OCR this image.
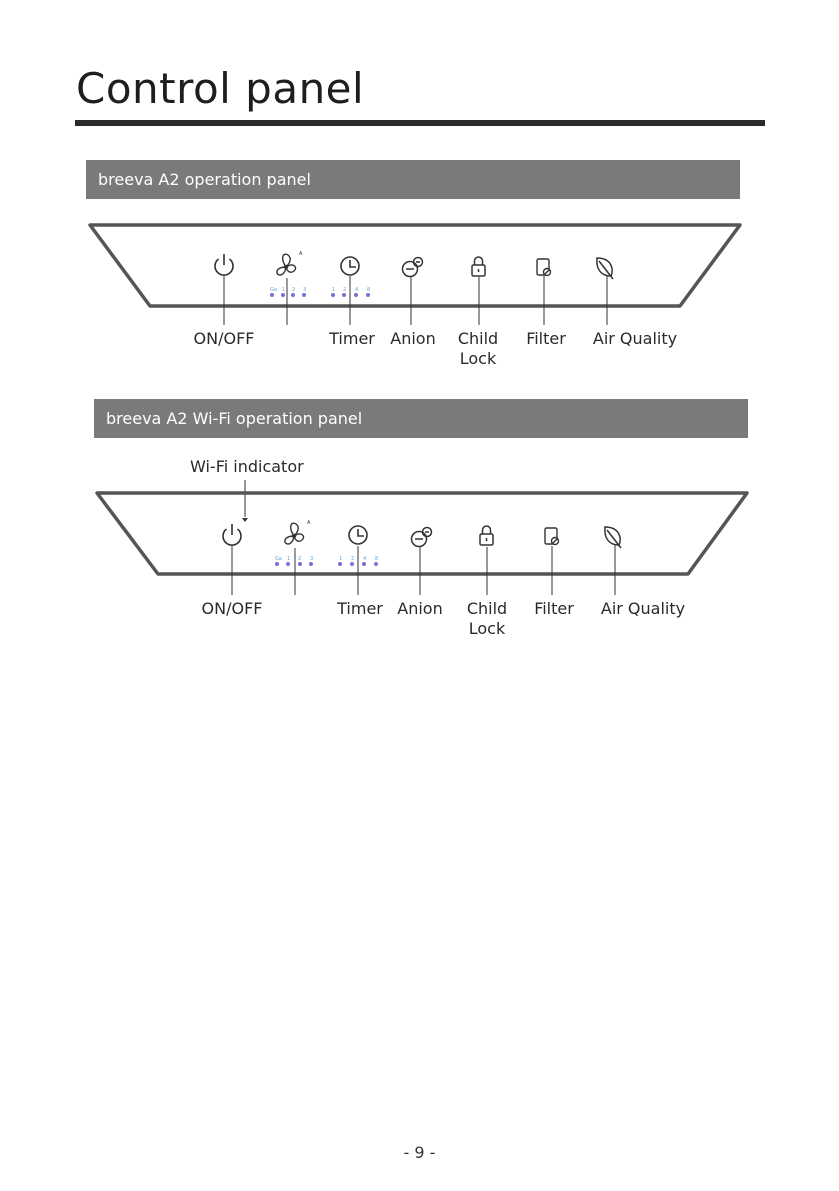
Control panel
breeva A2 operation panel
A
Ga 1 2 3	1 2 4 8
ON/OFF	Timer Anion	Child
Lock
Filter	Air Quality
breeva A2 Wi-Fi operation panel
Wi-Fi indicator
A
Ga 1 2 3	1 2 4 8
ON/OFF	Timer Anion	Child
Lock
Filter	Air Quality
- 9 -
